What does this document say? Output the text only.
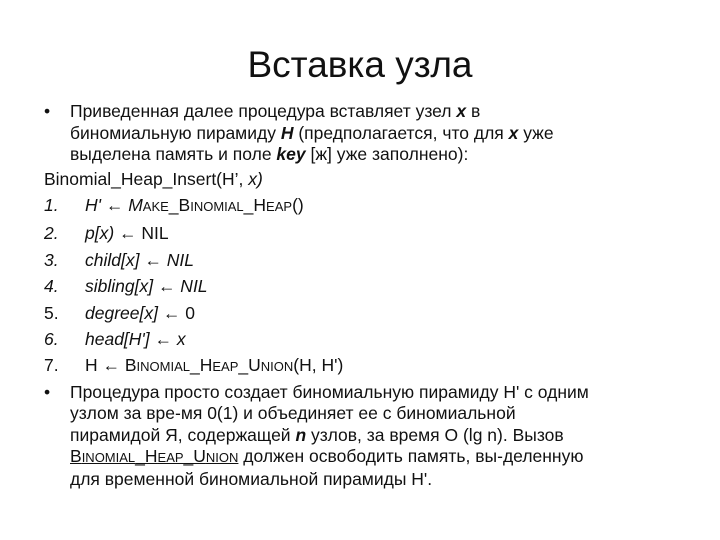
Вставка узла
•	Приведенная далее процедура вставляет узел x в
биномиальную пирамиду H (предполагается, что для x уже
выделена память и поле key [ж] уже заполнено):
Binomial_Heap_Insert(H’, x)
1. H' ← MAKE_BINOMIAL_HEAP()
2. p[x) ← NIL
3. child[x] ← NIL
4. sibling[x] ← NIL
5. degree[x] ← 0
6. head[H'] ← x
7. H ← BINOMIAL_HEAP_UNION(H, H')
• Процедура просто создает биномиальную пирамиду H' с одним
узлом за вре-мя 0(1) и объединяет ее с биномиальной
пирамидой Я, содержащей n узлов, за время О (lg n). Вызов
BINOMIAL_HEAP_UNION должен освободить память, вы-деленную
для временной биномиальной пирамиды H'.
